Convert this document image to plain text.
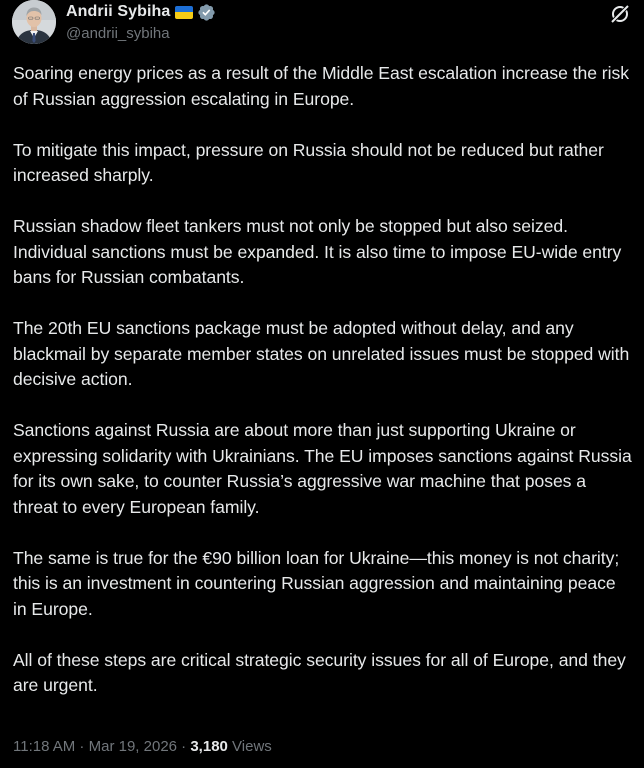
Andrii Sybiha
@andrii_sybiha

Soaring energy prices as a result of the Middle East escalation increase the risk of Russian aggression escalating in Europe.

To mitigate this impact, pressure on Russia should not be reduced but rather increased sharply.

Russian shadow fleet tankers must not only be stopped but also seized. Individual sanctions must be expanded. It is also time to impose EU-wide entry bans for Russian combatants.

The 20th EU sanctions package must be adopted without delay, and any blackmail by separate member states on unrelated issues must be stopped with decisive action.

Sanctions against Russia are about more than just supporting Ukraine or expressing solidarity with Ukrainians. The EU imposes sanctions against Russia for its own sake, to counter Russia’s aggressive war machine that poses a threat to every European family.

The same is true for the €90 billion loan for Ukraine—this money is not charity; this is an investment in countering Russian aggression and maintaining peace in Europe.

All of these steps are critical strategic security issues for all of Europe, and they are urgent.

11:18 AM · Mar 19, 2026 · 3,180 Views
